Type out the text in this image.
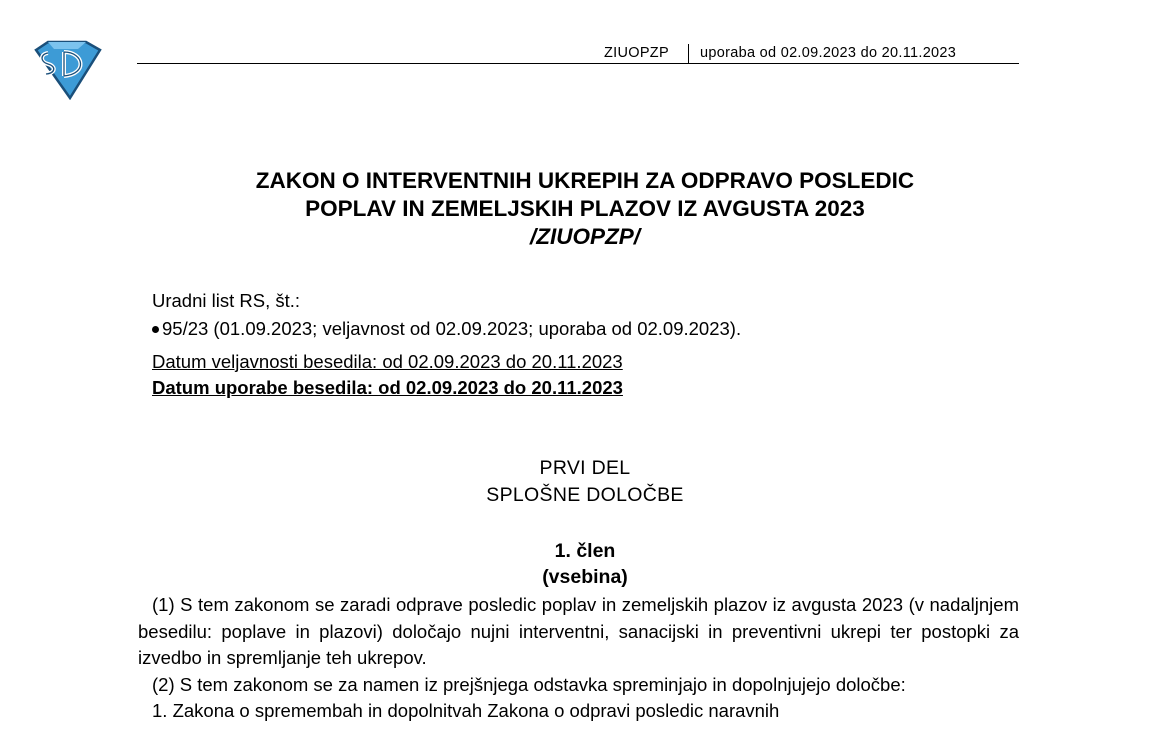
ZIUOPZP uporaba od 02.09.2023 do 20.11.2023
ZAKON O INTERVENTNIH UKREPIH ZA ODPRAVO POSLEDIC
POPLAV IN ZEMELJSKIH PLAZOV IZ AVGUSTA 2023
/ZIUOPZP/
Uradni list RS, št.:
95/23 (01.09.2023; veljavnost od 02.09.2023; uporaba od 02.09.2023).
Datum veljavnosti besedila: od 02.09.2023 do 20.11.2023
Datum uporabe besedila: od 02.09.2023 do 20.11.2023
PRVI DEL
SPLOŠNE DOLOČBE
1. člen
(vsebina)

(1) S tem zakonom se zaradi odprave posledic poplav in zemeljskih plazov iz avgusta 2023 (v nadaljnjem besedilu: poplave in plazovi) določajo nujni interventni, sanacijski in preventivni ukrepi ter postopki za izvedbo in spremljanje teh ukrepov.

(2) S tem zakonom se za namen iz prejšnjega odstavka spreminjajo in dopolnjujejo določbe:

1. Zakona o spremembah in dopolnitvah Zakona o odpravi posledic naravnih
